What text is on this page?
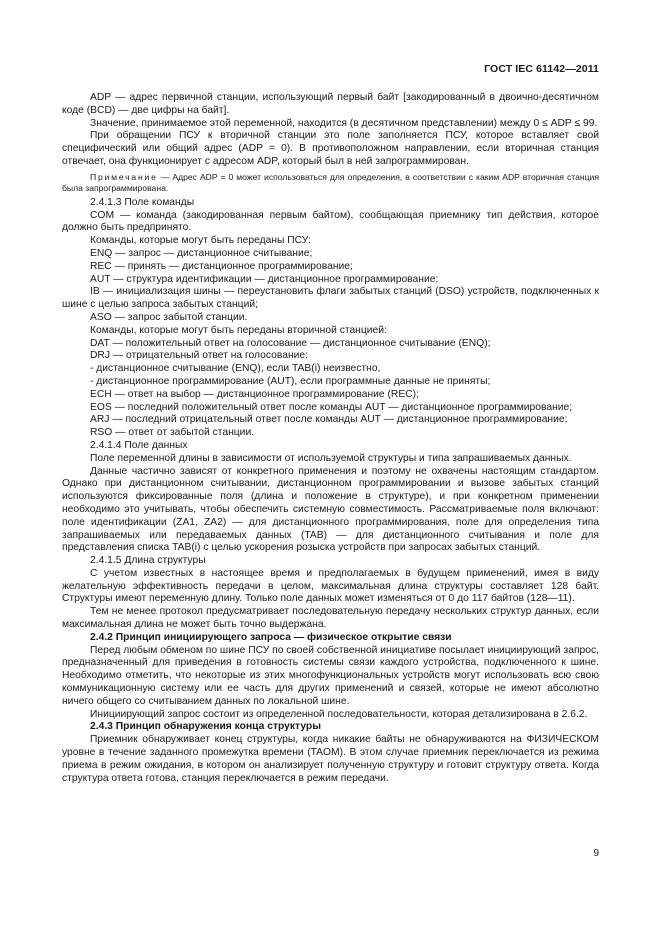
ГОСТ IEC 61142—2011

ADP — адрес первичной станции, использующий первый байт [закодированный в двоично-десятичном коде (BCD) — две цифры на байт].

Значение, принимаемое этой переменной, находится (в десятичном представлении) между 0 ≤ ADP ≤ 99.

При обращении ПСУ к вторичной станции это поле заполняется ПСУ, которое вставляет свой специфический или общий адрес (ADP = 0). В противоположном направлении, если вторичная станция отвечает, она функционирует с адресом ADP, который был в ней запрограммирован.

Примечание — Адрес ADP = 0 может использоваться для определения, в соответствии с каким ADP вторичная станция была запрограммирована.

2.4.1.3 Поле команды

COM — команда (закодированная первым байтом), сообщающая приемнику тип действия, которое должно быть предпринято.

Команды, которые могут быть переданы ПСУ:

ENQ — запрос — дистанционное считывание;

REC — принять — дистанционное программирование;

AUT — структура идентификации — дистанционное программирование;

IB — инициализация шины — переустановить флаги забытых станций (DSO) устройств, подключенных к шине с целью запроса забытых станций;

ASO — запрос забытой станции.

Команды, которые могут быть переданы вторичной станцией:

DAT — положительный ответ на голосование — дистанционное считывание (ENQ);

DRJ — отрицательный ответ на голосование:

- дистанционное считывание (ENQ), если TAB(i) неизвестно,

- дистанционное программирование (AUT), если программные данные не приняты;

ECH — ответ на выбор — дистанционное программирование (REC);

EOS — последний положительный ответ после команды AUT — дистанционное программирование;

ARJ — последний отрицательный ответ после команды AUT — дистанционное программирование;

RSO — ответ от забытой станции.

2.4.1.4 Поле данных

Поле переменной длины в зависимости от используемой структуры и типа запрашиваемых данных.

Данные частично зависят от конкретного применения и поэтому не охвачены настоящим стандартом. Однако при дистанционном считывании, дистанционном программировании и вызове забытых станций используются фиксированные поля (длина и положение в структуре), и при конкретном применении необходимо это учитывать, чтобы обеспечить системную совместимость. Рассматриваемые поля включают: поле идентификации (ZA1, ZA2) — для дистанционного программирования, поле для определения типа запрашиваемых или передаваемых данных (TAB) — для дистанционного считывания и поле для представления списка TAB(i) с целью ускорения розыска устройств при запросах забытых станций.

2.4.1.5 Длина структуры

С учетом известных в настоящее время и предполагаемых в будущем применений, имея в виду желательную эффективность передачи в целом, максимальная длина структуры составляет 128 байт. Структуры имеют переменную длину. Только поле данных может изменяться от 0 до 117 байтов (128—11).

Тем не менее протокол предусматривает последовательную передачу нескольких структур данных, если максимальная длина не может быть точно выдержана.

2.4.2 Принцип инициирующего запроса — физическое открытие связи

Перед любым обменом по шине ПСУ по своей собственной инициативе посылает инициирующий запрос, предназначенный для приведения в готовность системы связи каждого устройства, подключенного к шине. Необходимо отметить, что некоторые из этих многофункциональных устройств могут использовать всю свою коммуникационную систему или ее часть для других применений и связей, которые не имеют абсолютно ничего общего со считыванием данных по локальной шине.

Инициирующий запрос состоит из определенной последовательности, которая детализирована в 2.6.2.

2.4.3 Принцип обнаружения конца структуры

Приемник обнаруживает конец структуры, когда никакие байты не обнаруживаются на ФИЗИЧЕСКОМ уровне в течение заданного промежутка времени (TAOM). В этом случае приемник переключается из режима приема в режим ожидания, в котором он анализирует полученную структуру и готовит структуру ответа. Когда структура ответа готова, станция переключается в режим передачи.

9
